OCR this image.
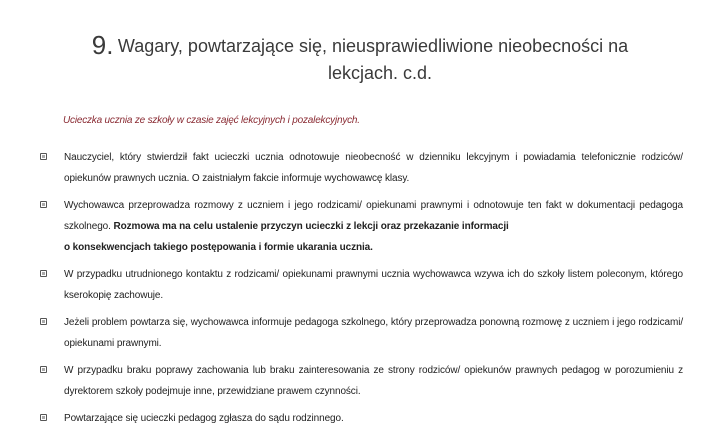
9. Wagary, powtarzające się, nieusprawiedliwione nieobecności na
lekcjach. c.d.
Ucieczka ucznia ze szkoły w czasie zajęć lekcyjnych i pozalekcyjnych.
Nauczyciel, który stwierdził fakt ucieczki ucznia odnotowuje nieobecność w dzienniku lekcyjnym i powiadamia telefonicznie rodziców/ opiekunów prawnych ucznia. O zaistniałym fakcie informuje wychowawcę klasy.
Wychowawca przeprowadza rozmowy z uczniem i jego rodzicami/ opiekunami prawnymi i odnotowuje ten fakt w dokumentacji pedagoga szkolnego. Rozmowa ma na celu ustalenie przyczyn ucieczki z lekcji oraz przekazanie informacji
o konsekwencjach takiego postępowania i formie ukarania ucznia.
W przypadku utrudnionego kontaktu z rodzicami/ opiekunami prawnymi ucznia wychowawca wzywa ich do szkoły listem poleconym, którego kserokopię zachowuje.
Jeżeli problem powtarza się, wychowawca informuje pedagoga szkolnego, który przeprowadza ponowną rozmowę z uczniem i jego rodzicami/ opiekunami prawnymi.
W przypadku braku poprawy zachowania lub braku zainteresowania ze strony rodziców/ opiekunów prawnych pedagog w porozumieniu z dyrektorem szkoły podejmuje inne, przewidziane prawem czynności.
Powtarzające się ucieczki pedagog zgłasza do sądu rodzinnego.
